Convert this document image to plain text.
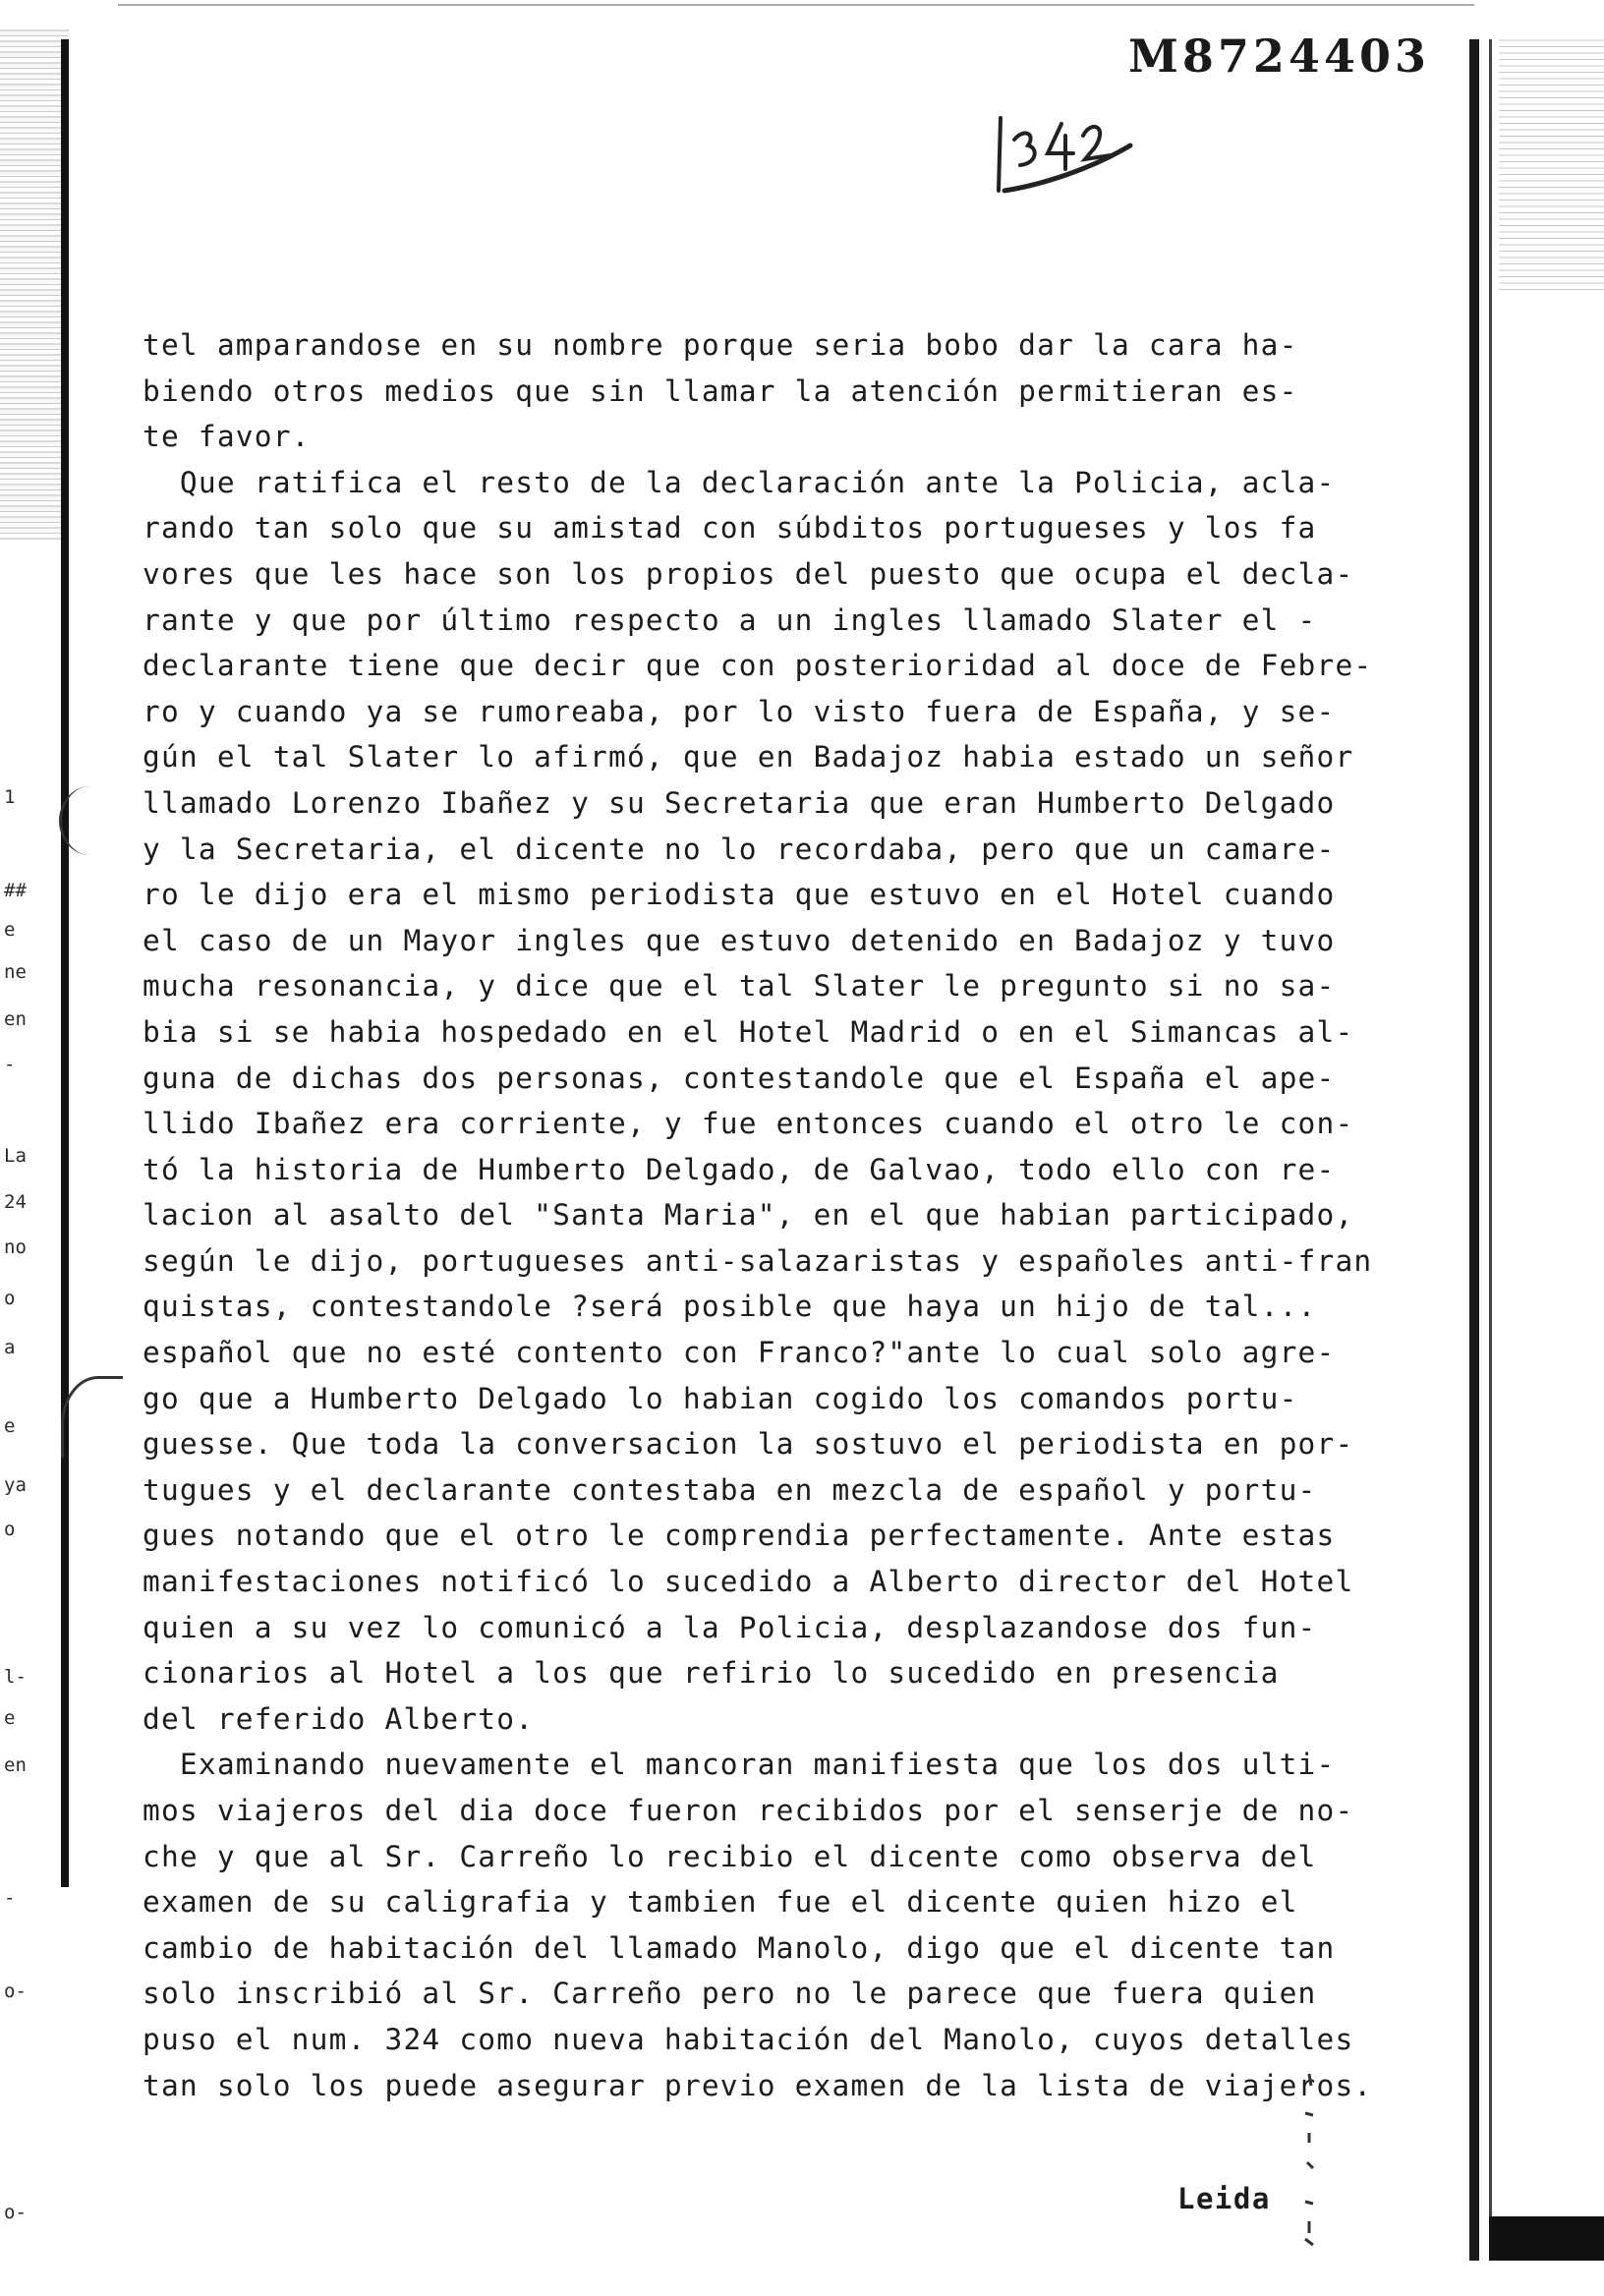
1
##
e
ne
en
-
La
24
no
o
a
e
ya
o
l-
e
en
-
o-
o-
M8724403
342
tel amparandose en su nombre porque seria bobo dar la cara ha-
biendo otros medios que sin llamar la atención permitieran es-
te favor.
Que ratifica el resto de la declaración ante la Policia, acla-
rando tan solo que su amistad con súbditos portugueses y los fa
vores que les hace son los propios del puesto que ocupa el decla-
rante y que por último respecto a un ingles llamado Slater el -
declarante tiene que decir que con posterioridad al doce de Febre-
ro y cuando ya se rumoreaba, por lo visto fuera de España, y se-
gún el tal Slater lo afirmó, que en Badajoz habia estado un señor
llamado Lorenzo Ibañez y su Secretaria que eran Humberto Delgado
y la Secretaria, el dicente no lo recordaba, pero que un camare-
ro le dijo era el mismo periodista que estuvo en el Hotel cuando
el caso de un Mayor ingles que estuvo detenido en Badajoz y tuvo
mucha resonancia, y dice que el tal Slater le pregunto si no sa-
bia si se habia hospedado en el Hotel Madrid o en el Simancas al-
guna de dichas dos personas, contestandole que el España el ape-
llido Ibañez era corriente, y fue entonces cuando el otro le con-
tó la historia de Humberto Delgado, de Galvao, todo ello con re-
lacion al asalto del "Santa Maria", en el que habian participado,
según le dijo, portugueses anti-salazaristas y españoles anti-fran
quistas, contestandole ?será posible que haya un hijo de tal...
español que no esté contento con Franco?"ante lo cual solo agre-
go que a Humberto Delgado lo habian cogido los comandos portu-
guesse. Que toda la conversacion la sostuvo el periodista en por-
tugues y el declarante contestaba en mezcla de español y portu-
gues notando que el otro le comprendia perfectamente. Ante estas
manifestaciones notificó lo sucedido a Alberto director del Hotel
quien a su vez lo comunicó a la Policia, desplazandose dos fun-
cionarios al Hotel a los que refirio lo sucedido en presencia
del referido Alberto.
Examinando nuevamente el mancoran manifiesta que los dos ulti-
mos viajeros del dia doce fueron recibidos por el senserje de no-
che y que al Sr. Carreño lo recibio el dicente como observa del
examen de su caligrafia y tambien fue el dicente quien hizo el
cambio de habitación del llamado Manolo, digo que el dicente tan
solo inscribió al Sr. Carreño pero no le parece que fuera quien
puso el num. 324 como nueva habitación del Manolo, cuyos detalles
tan solo los puede asegurar previo examen de la lista de viajeros.
Leida
